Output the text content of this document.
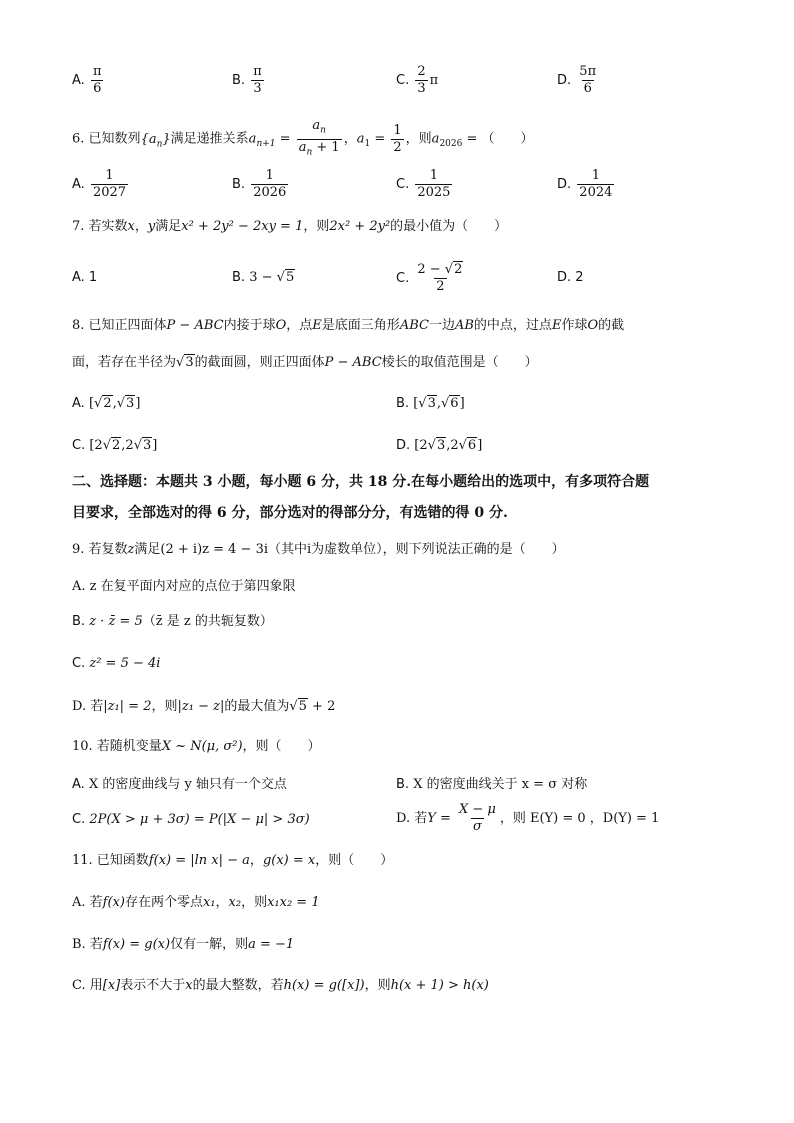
A. $\frac{\pi}{6}$	B. $\frac{\pi}{3}$	C. $\frac{2}{3}$ π	D. $\frac{5\pi}{6}$
6. 已知数列$\{a_n\}$满足递推关系$a_{n+1} = \frac{a_n}{a_n + 1}$ ，$a_1 = \frac{1}{2}$ ，则$a_{2026}$ = （　　）
A. $\frac{1}{2027}$	B. $\frac{1}{2026}$	C. $\frac{1}{2025}$	D. $\frac{1}{2024}$
7. 若实数x，y满足x² + 2y² − 2xy = 1，则2x² + 2y²的最小值为（　　）
A. 1	B. 3 − √5	C. $\frac{2 - √2}{2}$	D. 2
8. 已知正四面体P − ABC内接于球O，点E是底面三角形ABC一边AB的中点，过点E作球O的截
面，若存在半径为√3的截面圆，则正四面体P − ABC棱长的取值范围是（　　）
A. [√2,√3]	B. [√3,√6]
C. [2√2,2√3]	D. [2√3,2√6]
二、选择题：本题共 3 小题，每小题 6 分，共 18 分.在每小题给出的选项中，有多项符合题
目要求，全部选对的得 6 分，部分选对的得部分分，有选错的得 0 分.
9. 若复数z满足(2 + i)z = 4 − 3i（其中i为虚数单位），则下列说法正确的是（　　）
A. z 在复平面内对应的点位于第四象限
B. z · z̄ = 5（z̄ 是 z 的共轭复数）
C. z² = 5 − 4i
D. 若|z₁| = 2，则|z₁ − z|的最大值为√5 + 2
10. 若随机变量X ~ N(μ, σ²)，则（　　）
A. X 的密度曲线与 y 轴只有一个交点	B. X 的密度曲线关于 x = σ 对称
C. 2P(X > μ + 3σ) = P(|X − μ| > 3σ)	D. 若$Y = \frac{X - \mu}{\sigma}$ ，则 E(Y) = 0 ，D(Y) = 1
11. 已知函数f(x) = |ln x| − a，g(x) = x，则（　　）
A. 若f(x)存在两个零点x₁，x₂，则x₁x₂ = 1
B. 若f(x) = g(x)仅有一解，则a = −1
C. 用[x]表示不大于x的最大整数，若h(x) = g([x])，则h(x + 1) > h(x)
